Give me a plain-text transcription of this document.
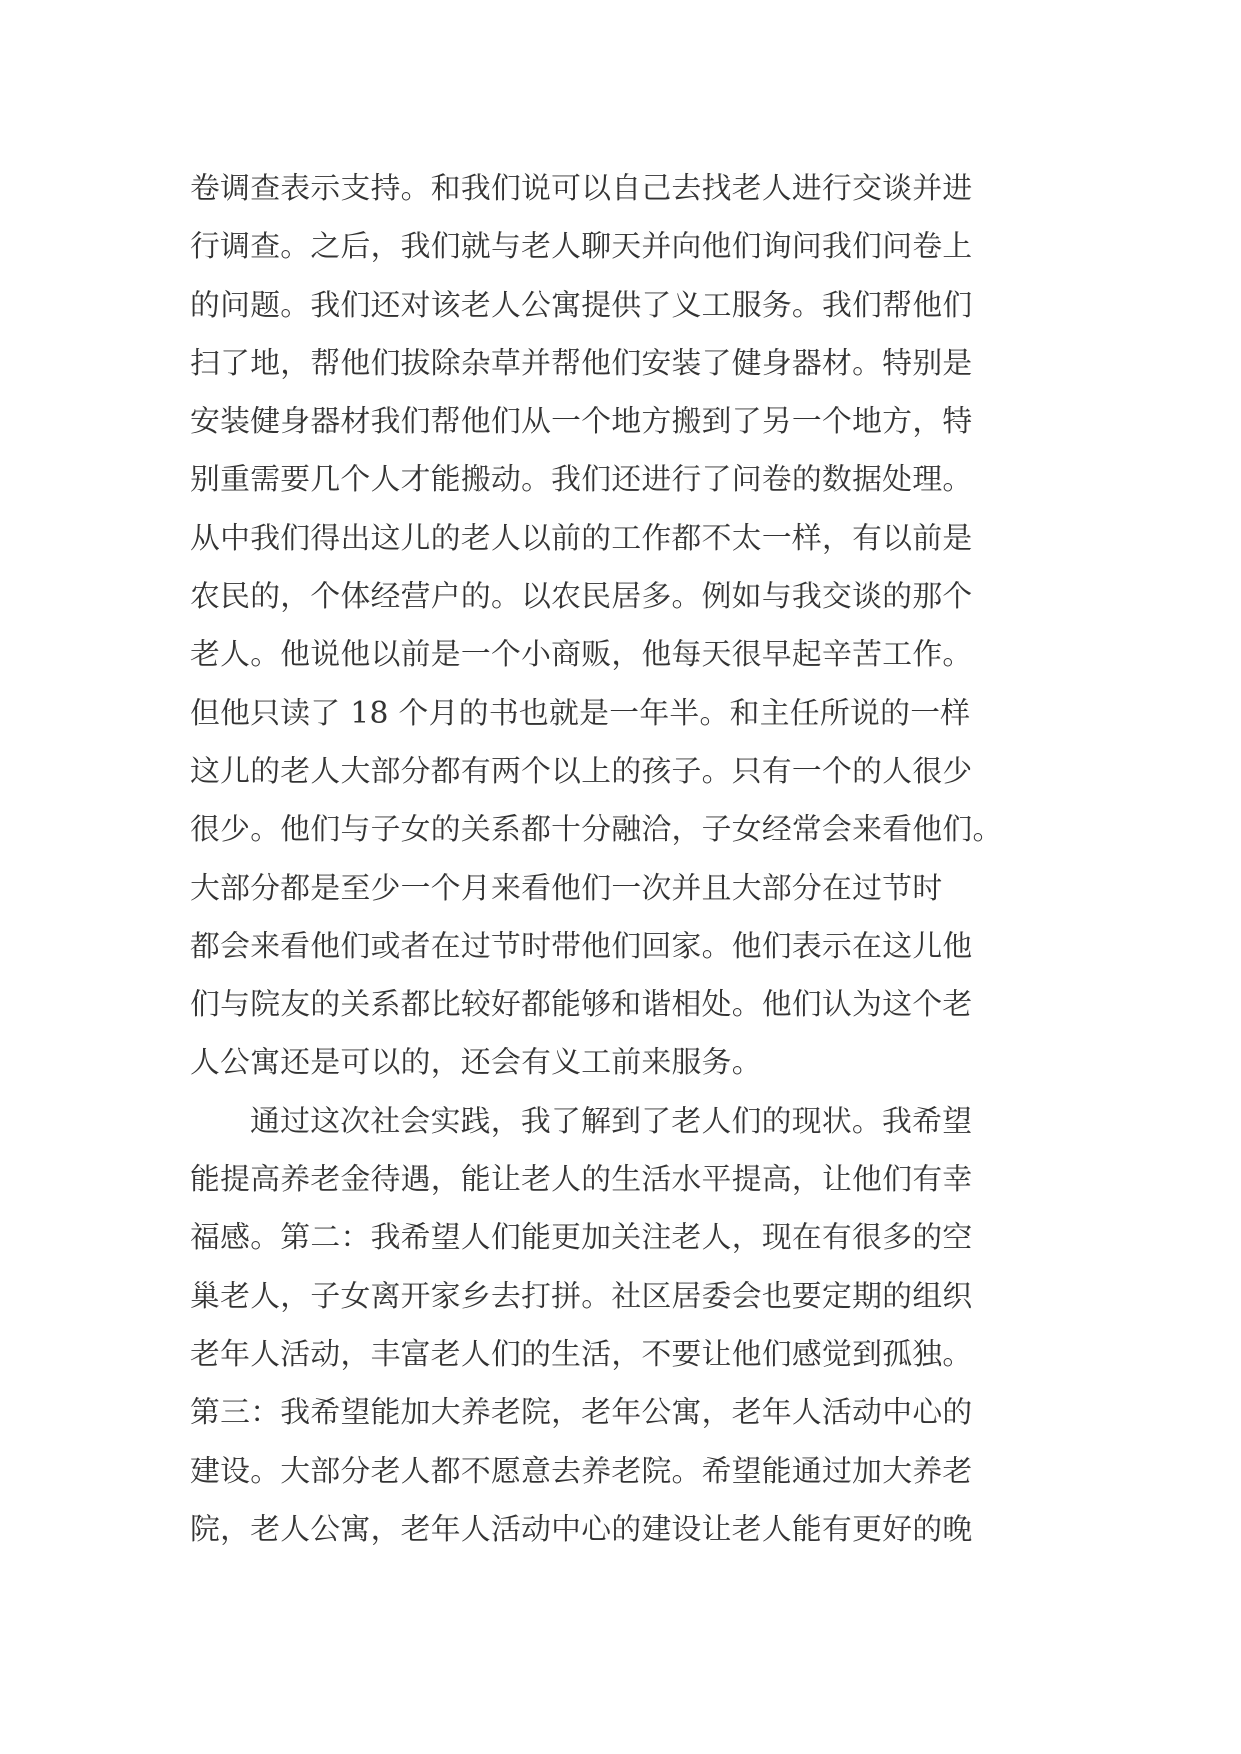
卷调查表示支持。和我们说可以自己去找老人进行交谈并进
行调查。之后，我们就与老人聊天并向他们询问我们问卷上
的问题。我们还对该老人公寓提供了义工服务。我们帮他们
扫了地，帮他们拔除杂草并帮他们安装了健身器材。特别是
安装健身器材我们帮他们从一个地方搬到了另一个地方，特
别重需要几个人才能搬动。我们还进行了问卷的数据处理。
从中我们得出这儿的老人以前的工作都不太一样，有以前是
农民的，个体经营户的。以农民居多。例如与我交谈的那个
老人。他说他以前是一个小商贩，他每天很早起辛苦工作。
但他只读了 18 个月的书也就是一年半。和主任所说的一样
这儿的老人大部分都有两个以上的孩子。只有一个的人很少
很少。他们与子女的关系都十分融洽，子女经常会来看他们。
大部分都是至少一个月来看他们一次并且大部分在过节时
都会来看他们或者在过节时带他们回家。他们表示在这儿他
们与院友的关系都比较好都能够和谐相处。他们认为这个老
人公寓还是可以的，还会有义工前来服务。
通过这次社会实践，我了解到了老人们的现状。我希望
能提高养老金待遇，能让老人的生活水平提高，让他们有幸
福感。第二：我希望人们能更加关注老人，现在有很多的空
巢老人，子女离开家乡去打拼。社区居委会也要定期的组织
老年人活动，丰富老人们的生活，不要让他们感觉到孤独。
第三：我希望能加大养老院，老年公寓，老年人活动中心的
建设。大部分老人都不愿意去养老院。希望能通过加大养老
院，老人公寓，老年人活动中心的建设让老人能有更好的晚
